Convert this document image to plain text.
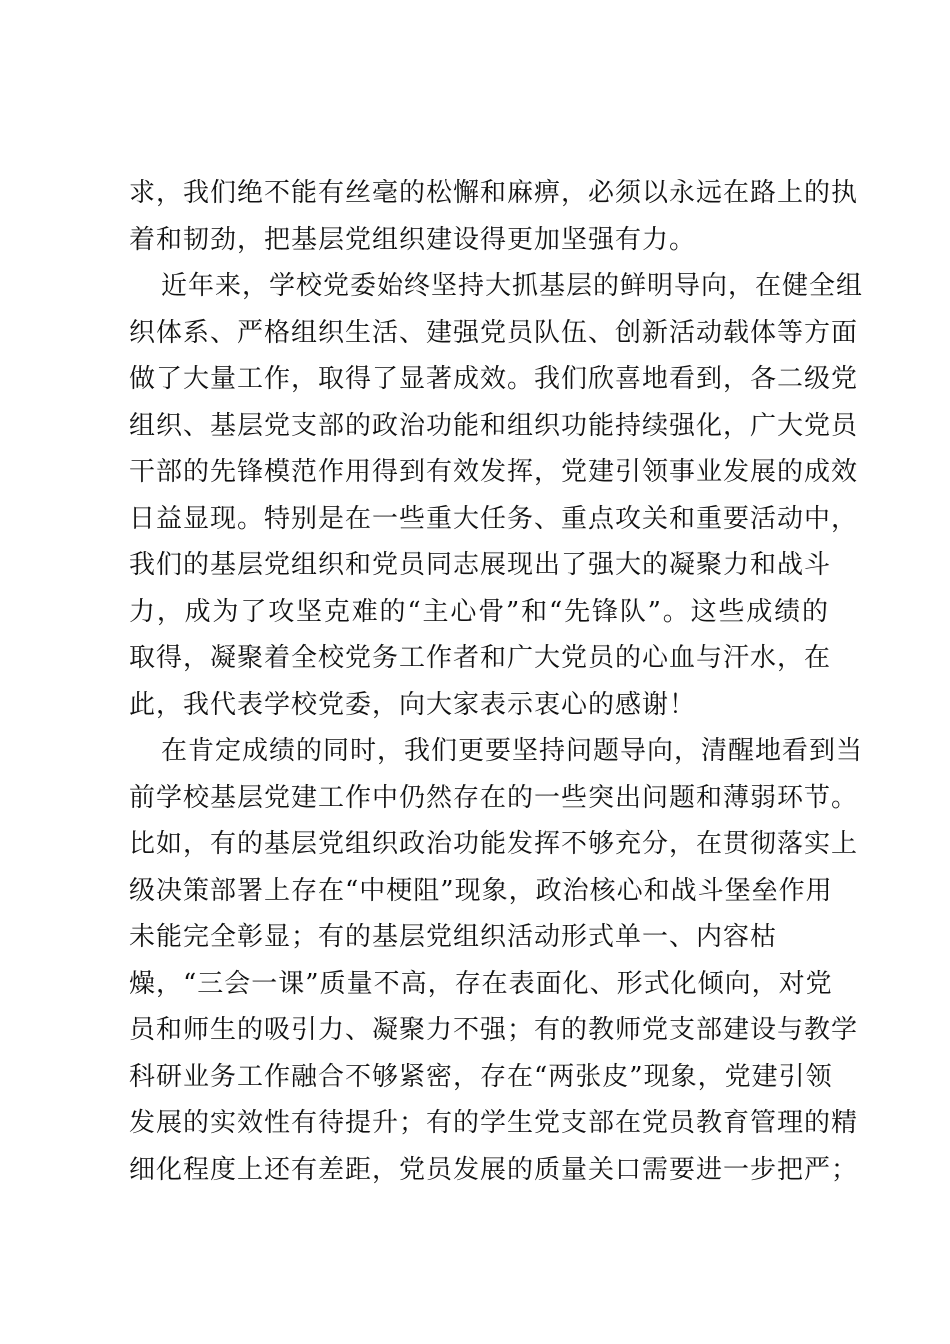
求，我们绝不能有丝毫的松懈和麻痹，必须以永远在路上的执
着和韧劲，把基层党组织建设得更加坚强有力。
近年来，学校党委始终坚持大抓基层的鲜明导向，在健全组
织体系、严格组织生活、建强党员队伍、创新活动载体等方面
做了大量工作，取得了显著成效。我们欣喜地看到，各二级党
组织、基层党支部的政治功能和组织功能持续强化，广大党员
干部的先锋模范作用得到有效发挥，党建引领事业发展的成效
日益显现。特别是在一些重大任务、重点攻关和重要活动中，
我们的基层党组织和党员同志展现出了强大的凝聚力和战斗
力，成为了攻坚克难的“主心骨”和“先锋队”。这些成绩的
取得，凝聚着全校党务工作者和广大党员的心血与汗水，在
此，我代表学校党委，向大家表示衷心的感谢！
在肯定成绩的同时，我们更要坚持问题导向，清醒地看到当
前学校基层党建工作中仍然存在的一些突出问题和薄弱环节。
比如，有的基层党组织政治功能发挥不够充分，在贯彻落实上
级决策部署上存在“中梗阻”现象，政治核心和战斗堡垒作用
未能完全彰显；有的基层党组织活动形式单一、内容枯
燥，“三会一课”质量不高，存在表面化、形式化倾向，对党
员和师生的吸引力、凝聚力不强；有的教师党支部建设与教学
科研业务工作融合不够紧密，存在“两张皮”现象，党建引领
发展的实效性有待提升；有的学生党支部在党员教育管理的精
细化程度上还有差距，党员发展的质量关口需要进一步把严；
